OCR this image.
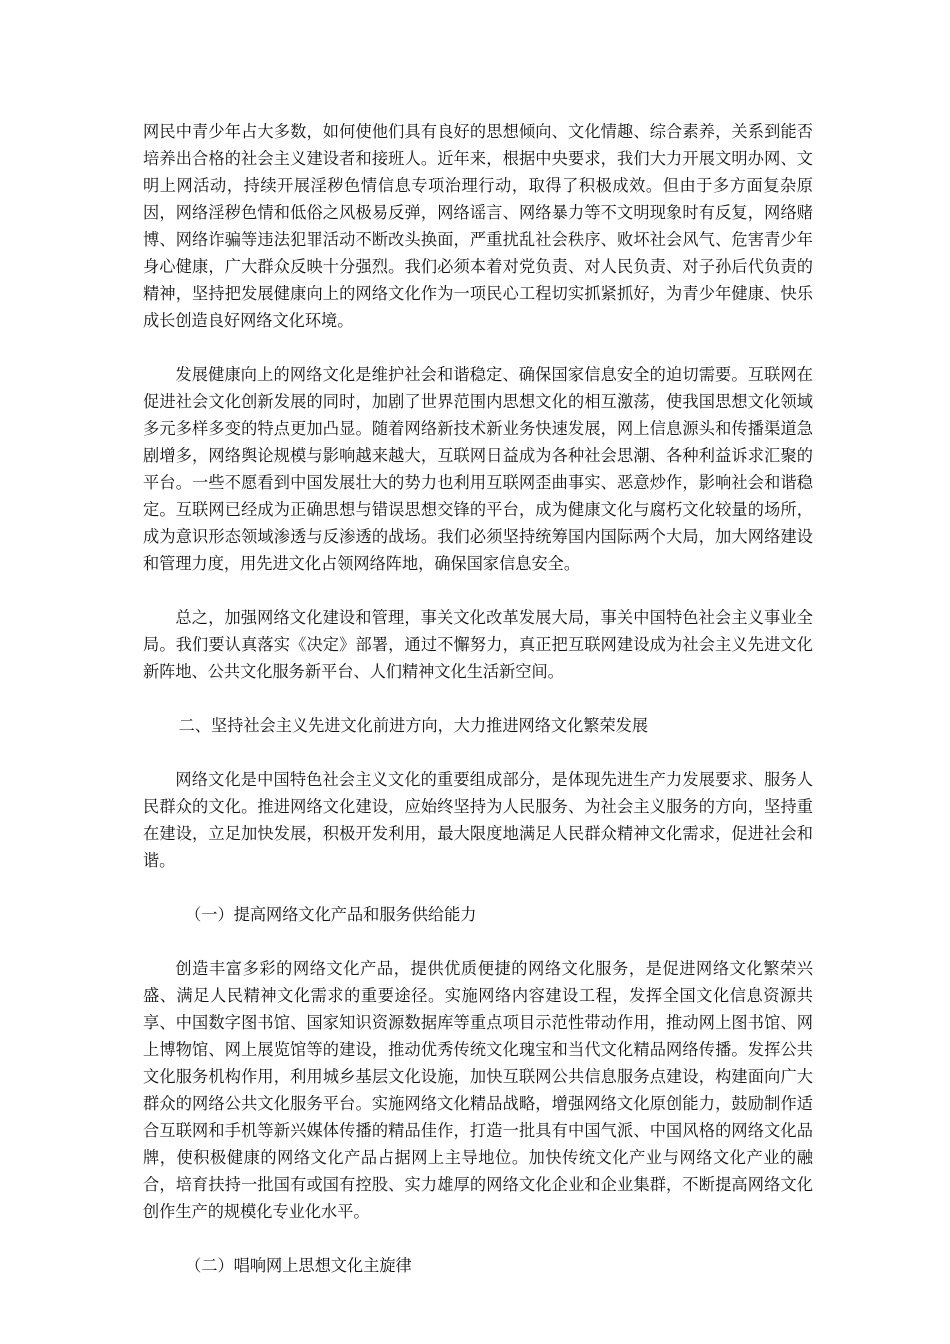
网民中青少年占大多数，如何使他们具有良好的思想倾向、文化情趣、综合素养，关系到能否培养出合格的社会主义建设者和接班人。近年来，根据中央要求，我们大力开展文明办网、文明上网活动，持续开展淫秽色情信息专项治理行动，取得了积极成效。但由于多方面复杂原因，网络淫秽色情和低俗之风极易反弹，网络谣言、网络暴力等不文明现象时有反复，网络赌博、网络诈骗等违法犯罪活动不断改头换面，严重扰乱社会秩序、败坏社会风气、危害青少年身心健康，广大群众反映十分强烈。我们必须本着对党负责、对人民负责、对子孙后代负责的精神，坚持把发展健康向上的网络文化作为一项民心工程切实抓紧抓好，为青少年健康、快乐成长创造良好网络文化环境。

发展健康向上的网络文化是维护社会和谐稳定、确保国家信息安全的迫切需要。互联网在促进社会文化创新发展的同时，加剧了世界范围内思想文化的相互激荡，使我国思想文化领域多元多样多变的特点更加凸显。随着网络新技术新业务快速发展，网上信息源头和传播渠道急剧增多，网络舆论规模与影响越来越大，互联网日益成为各种社会思潮、各种利益诉求汇聚的平台。一些不愿看到中国发展壮大的势力也利用互联网歪曲事实、恶意炒作，影响社会和谐稳定。互联网已经成为正确思想与错误思想交锋的平台，成为健康文化与腐朽文化较量的场所，成为意识形态领域渗透与反渗透的战场。我们必须坚持统筹国内国际两个大局，加大网络建设和管理力度，用先进文化占领网络阵地，确保国家信息安全。

总之，加强网络文化建设和管理，事关文化改革发展大局，事关中国特色社会主义事业全局。我们要认真落实《决定》部署，通过不懈努力，真正把互联网建设成为社会主义先进文化新阵地、公共文化服务新平台、人们精神文化生活新空间。

二、坚持社会主义先进文化前进方向，大力推进网络文化繁荣发展

网络文化是中国特色社会主义文化的重要组成部分，是体现先进生产力发展要求、服务人民群众的文化。推进网络文化建设，应始终坚持为人民服务、为社会主义服务的方向，坚持重在建设，立足加快发展，积极开发利用，最大限度地满足人民群众精神文化需求，促进社会和谐。

（一）提高网络文化产品和服务供给能力

创造丰富多彩的网络文化产品，提供优质便捷的网络文化服务，是促进网络文化繁荣兴盛、满足人民精神文化需求的重要途径。实施网络内容建设工程，发挥全国文化信息资源共享、中国数字图书馆、国家知识资源数据库等重点项目示范性带动作用，推动网上图书馆、网上博物馆、网上展览馆等的建设，推动优秀传统文化瑰宝和当代文化精品网络传播。发挥公共文化服务机构作用，利用城乡基层文化设施，加快互联网公共信息服务点建设，构建面向广大群众的网络公共文化服务平台。实施网络文化精品战略，增强网络文化原创能力，鼓励制作适合互联网和手机等新兴媒体传播的精品佳作，打造一批具有中国气派、中国风格的网络文化品牌，使积极健康的网络文化产品占据网上主导地位。加快传统文化产业与网络文化产业的融合，培育扶持一批国有或国有控股、实力雄厚的网络文化企业和企业集群，不断提高网络文化创作生产的规模化专业化水平。

（二）唱响网上思想文化主旋律
